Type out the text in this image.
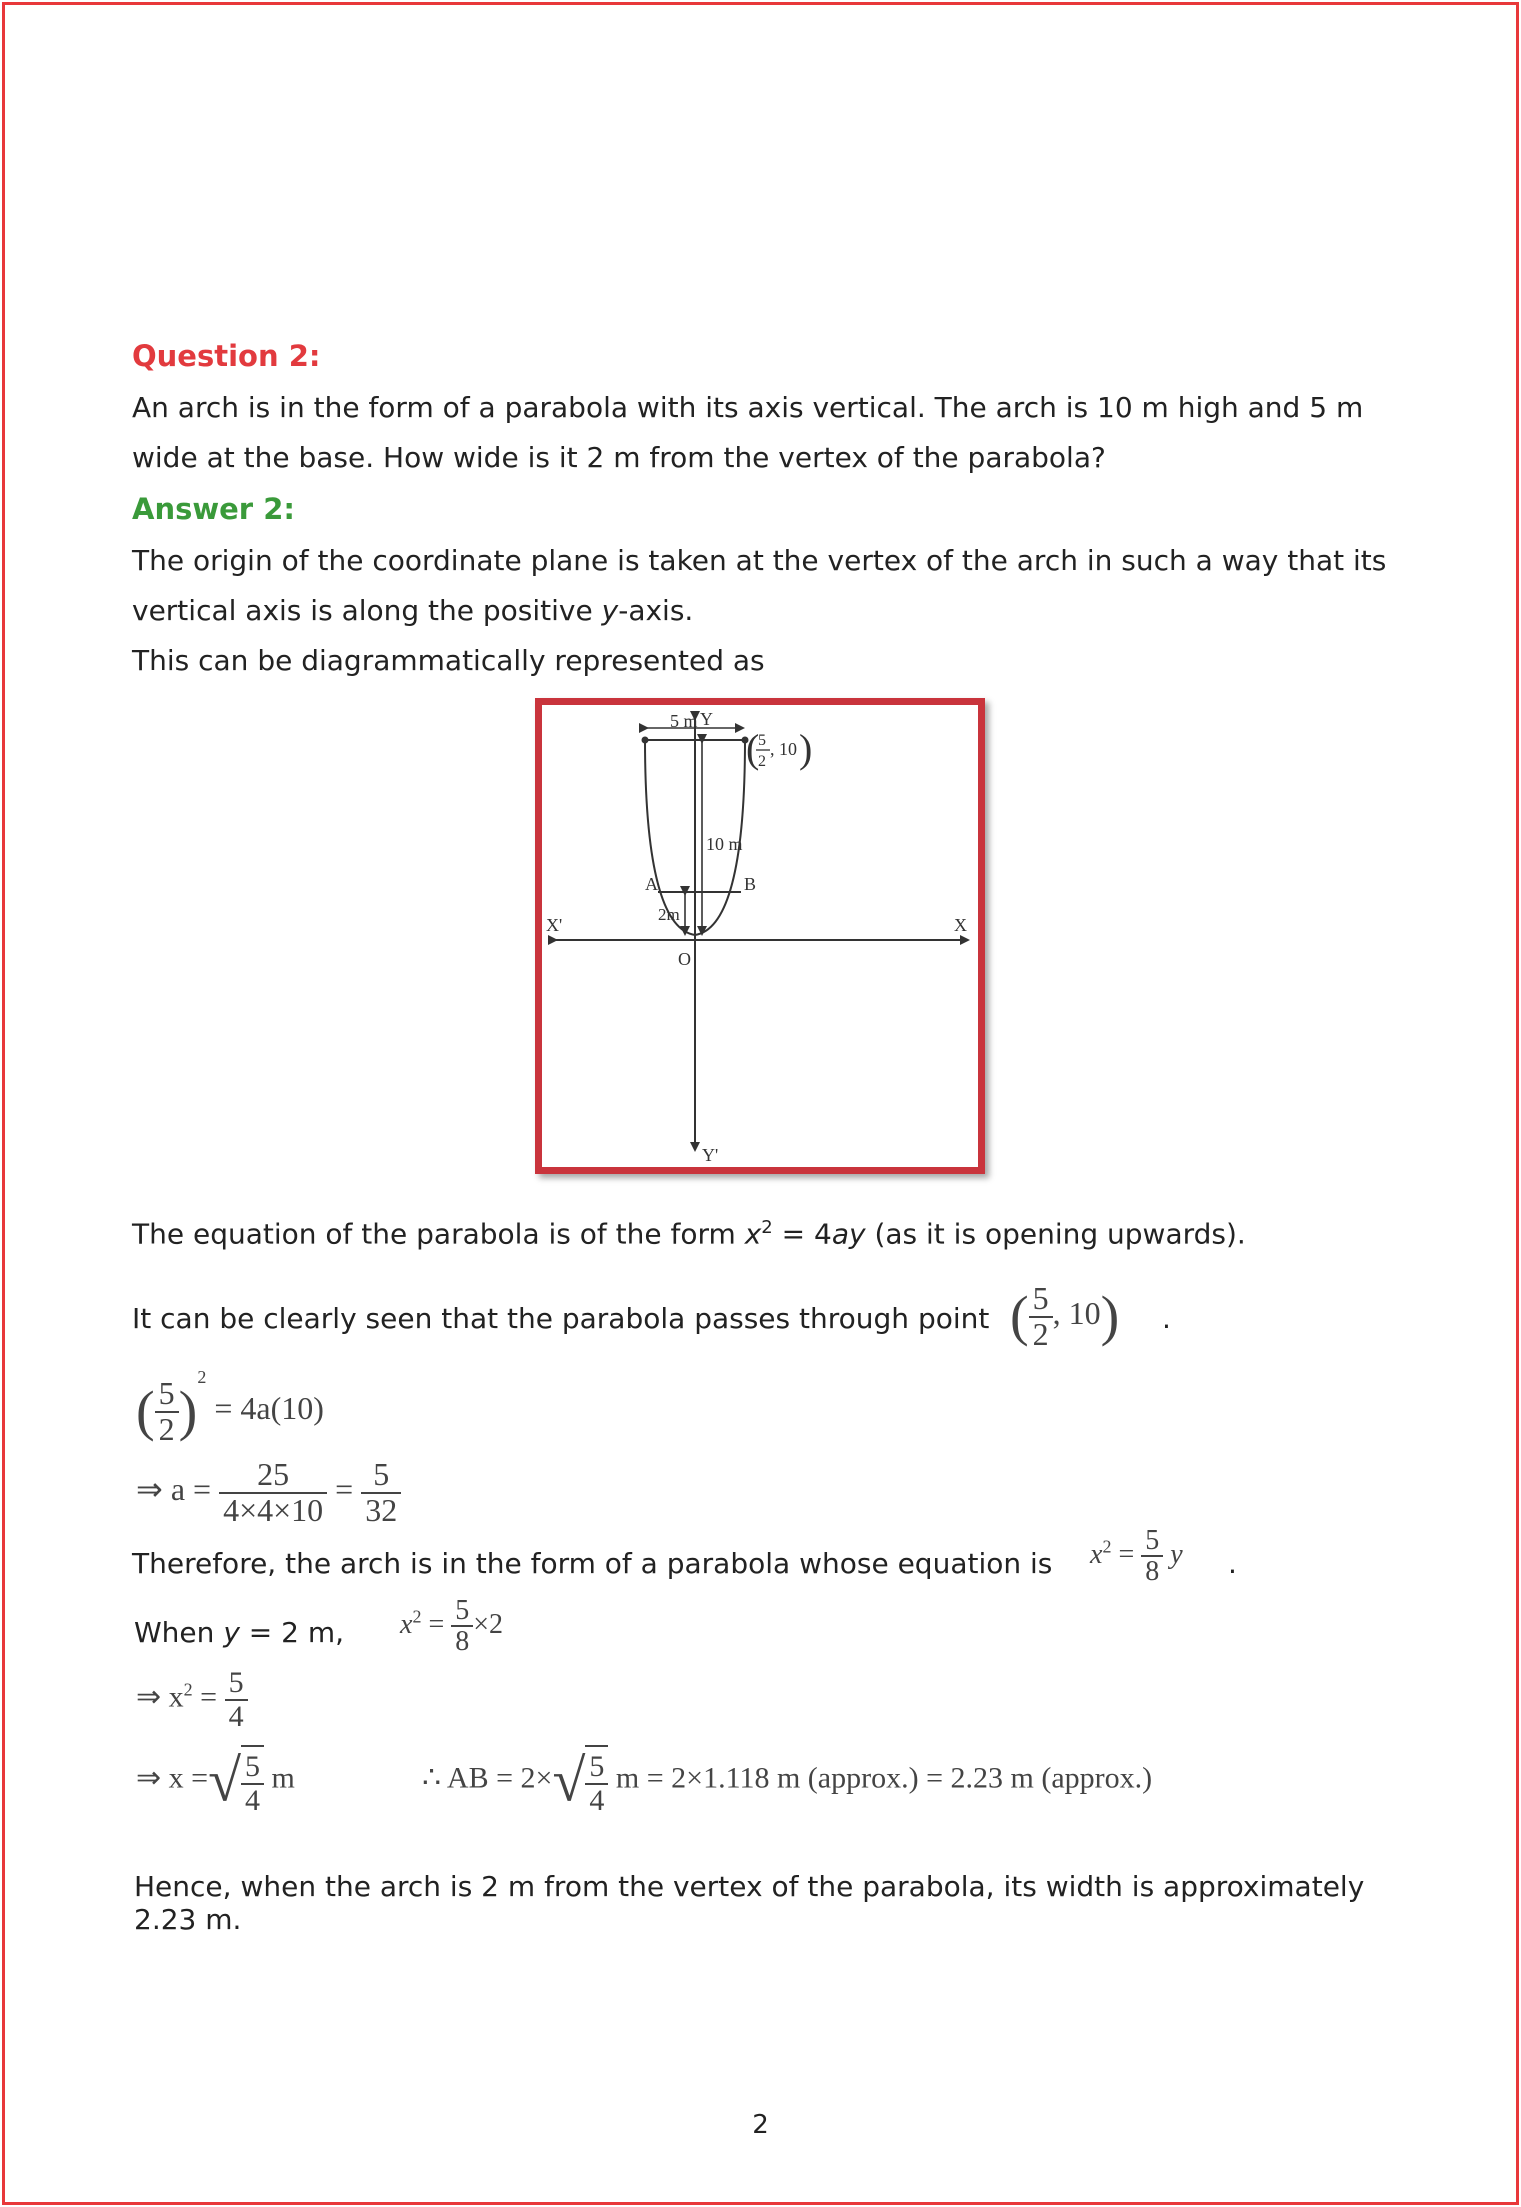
Question 2:
An arch is in the form of a parabola with its axis vertical. The arch is 10 m high and 5 m
wide at the base. How wide is it 2 m from the vertex of the parabola?
Answer 2:
The origin of the coordinate plane is taken at the vertex of the arch in such a way that its
vertical axis is along the positive y-axis.
This can be diagrammatically represented as
5 m Y
10 m
A	B
2m
X'	X
O
Y'
(
5
2
, 10 )
The equation of the parabola is of the form $x^2 = 4ay$ (as it is opening upwards).
It can be clearly seen that the parabola passes through point ( $\frac{5}{2}$ , 10) .
( $\frac{5}{2} )^2 = 4a(10)$
⇒ $a = \frac{25}{4\times 4\times 10} = \frac{5}{32}$
Therefore, the arch is in the form of a parabola whose equation is $x^2 = \frac{5}{8}$ y .
When y = 2 m, $x^2 = \frac{5}{8} \times 2$
⇒ $x^2 = \frac{5}{4}$
⇒ x =√ $\frac{5}{4}$ m	∴ AB = $2\times√ \frac{5}{4}$ m = 2×1.118 m (approx.) = 2.23 m (approx.)
Hence, when the arch is 2 m from the vertex of the parabola, its width is approximately
2.23 m.
2
